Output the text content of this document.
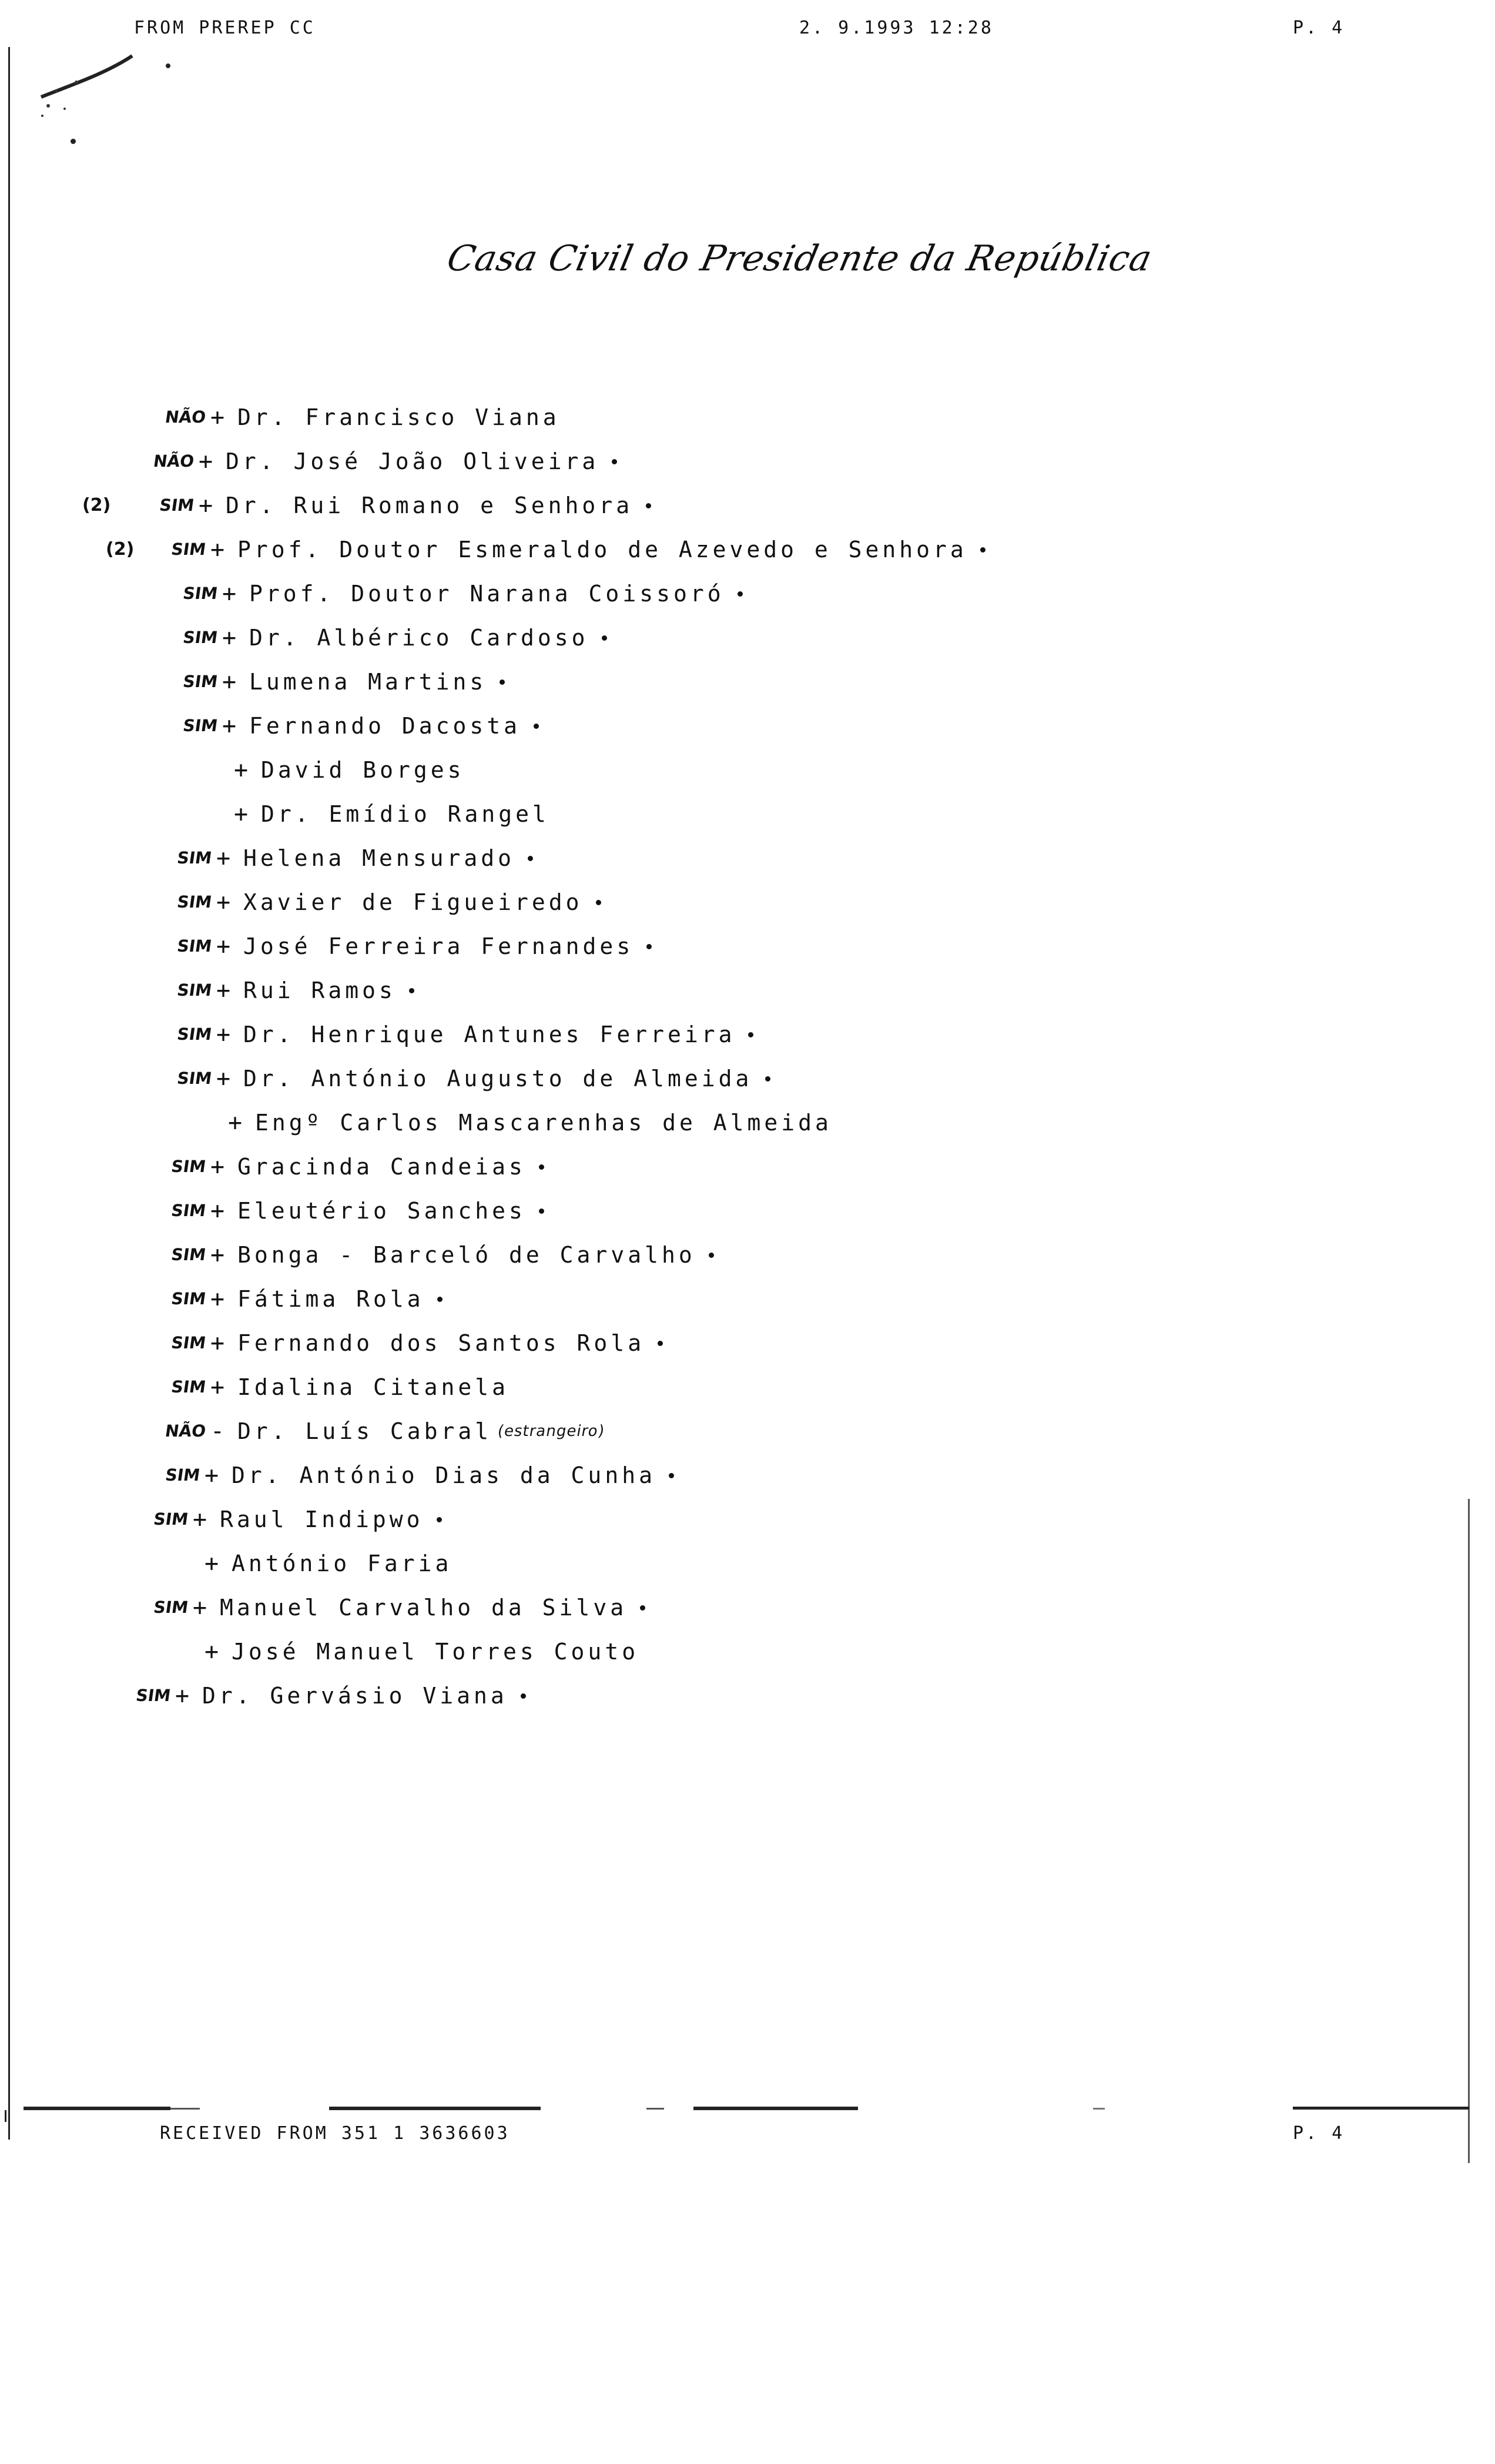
FROM PREREP CC	2. 9.1993 12:28	P. 4
Casa Civil do Presidente da República
NÃO + Dr. Francisco Viana
NÃO + Dr. José João Oliveira
(2)	SIM + Dr. Rui Romano e Senhora
(2) SIM + Prof. Doutor Esmeraldo de Azevedo e Senhora
SIM + Prof. Doutor Narana Coissoró
SIM + Dr. Albérico Cardoso
SIM + Lumena Martins
SIM + Fernando Dacosta
+ David Borges
+ Dr. Emídio Rangel
SIM + Helena Mensurado
SIM + Xavier de Figueiredo
SIM + José Ferreira Fernandes
SIM + Rui Ramos
SIM + Dr. Henrique Antunes Ferreira
SIM + Dr. António Augusto de Almeida
+ Engº Carlos Mascarenhas de Almeida
SIM + Gracinda Candeias
SIM + Eleutério Sanches
SIM + Bonga - Barceló de Carvalho
SIM + Fátima Rola
SIM + Fernando dos Santos Rola
SIM + Idalina Citanela
NÃO - Dr. Luís Cabral (estrangeiro)
SIM + Dr. António Dias da Cunha
SIM + Raul Indipwo
+ António Faria
SIM + Manuel Carvalho da Silva
+ José Manuel Torres Couto
SIM + Dr. Gervásio Viana
RECEIVED FROM 351 1 3636603	P. 4
